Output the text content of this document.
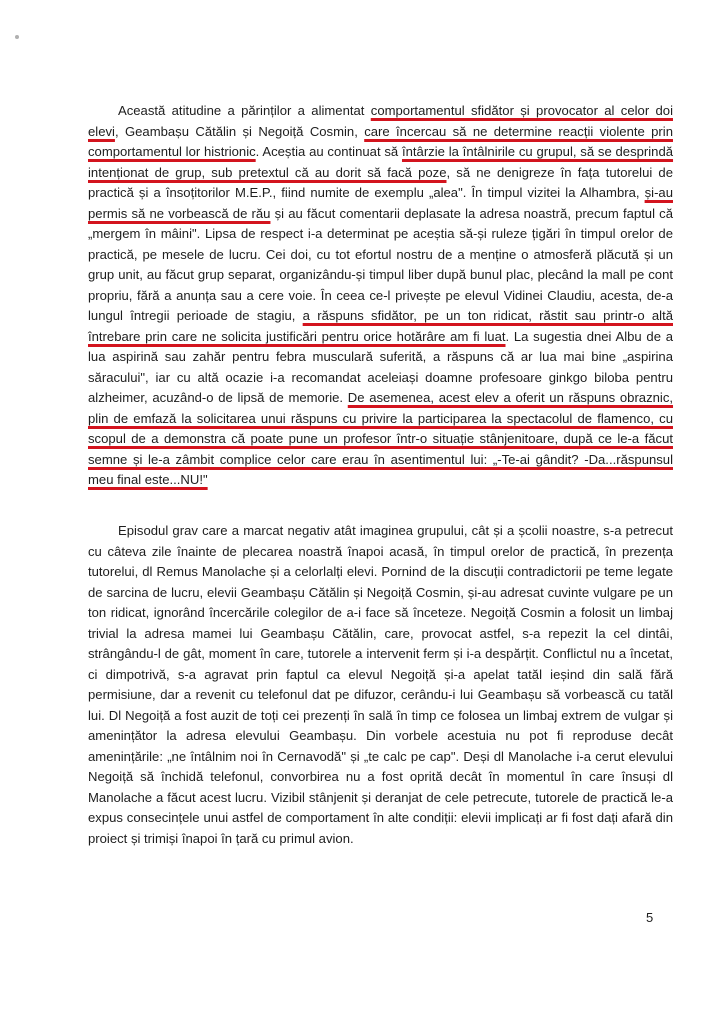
Această atitudine a părinților a alimentat comportamentul sfidător și provocator al celor doi elevi, Geambașu Cătălin și Negoiță Cosmin, care încercau să ne determine reacții violente prin comportamentul lor histrionic. Aceștia au continuat să întârzie la întâlnirile cu grupul, să se desprindă intenționat de grup, sub pretextul că au dorit să facă poze, să ne denigreze în fața tutorelui de practică și a însoțitorilor M.E.P., fiind numite de exemplu „alea". În timpul vizitei la Alhambra, și-au permis să ne vorbească de rău și au făcut comentarii deplasate la adresa noastră, precum faptul că „mergem în mâini". Lipsa de respect i-a determinat pe aceștia să-și ruleze țigări în timpul orelor de practică, pe mesele de lucru. Cei doi, cu tot efortul nostru de a menține o atmosferă plăcută și un grup unit, au făcut grup separat, organizându-și timpul liber după bunul plac, plecând la mall pe cont propriu, fără a anunța sau a cere voie. În ceea ce-l privește pe elevul Vidinei Claudiu, acesta, de-a lungul întregii perioade de stagiu, a răspuns sfidător, pe un ton ridicat, răstit sau printr-o altă întrebare prin care ne solicita justificări pentru orice hotărâre am fi luat. La sugestia dnei Albu de a lua aspirină sau zahăr pentru febra musculară suferită, a răspuns că ar lua mai bine „aspirina săracului", iar cu altă ocazie i-a recomandat aceleiași doamne profesoare ginkgo biloba pentru alzheimer, acuzând-o de lipsă de memorie. De asemenea, acest elev a oferit un răspuns obraznic, plin de emfază la solicitarea unui răspuns cu privire la participarea la spectacolul de flamenco, cu scopul de a demonstra că poate pune un profesor într-o situație stânjenitoare, după ce le-a făcut semne și le-a zâmbit complice celor care erau în asentimentul lui: „-Te-ai gândit? -Da...răspunsul meu final este...NU!"

Episodul grav care a marcat negativ atât imaginea grupului, cât și a școlii noastre, s-a petrecut cu câteva zile înainte de plecarea noastră înapoi acasă, în timpul orelor de practică, în prezența tutorelui, dl Remus Manolache și a celorlalți elevi. Pornind de la discuții contradictorii pe teme legate de sarcina de lucru, elevii Geambașu Cătălin și Negoiță Cosmin, și-au adresat cuvinte vulgare pe un ton ridicat, ignorând încercările colegilor de a-i face să înceteze. Negoiță Cosmin a folosit un limbaj trivial la adresa mamei lui Geambașu Cătălin, care, provocat astfel, s-a repezit la cel dintâi, strângându-l de gât, moment în care, tutorele a intervenit ferm și i-a despărțit. Conflictul nu a încetat, ci dimpotrivă, s-a agravat prin faptul ca elevul Negoiță și-a apelat tatăl ieșind din sală fără permisiune, dar a revenit cu telefonul dat pe difuzor, cerându-i lui Geambașu să vorbească cu tatăl lui. Dl Negoiță a fost auzit de toți cei prezenți în sală în timp ce folosea un limbaj extrem de vulgar și amenințător la adresa elevului Geambașu. Din vorbele acestuia nu pot fi reproduse decât amenințările: „ne întâlnim noi în Cernavodă" și „te calc pe cap". Deși dl Manolache i-a cerut elevului Negoiță să închidă telefonul, convorbirea nu a fost oprită decât în momentul în care însuși dl Manolache a făcut acest lucru. Vizibil stânjenit și deranjat de cele petrecute, tutorele de practică le-a expus consecințele unui astfel de comportament în alte condiții: elevii implicați ar fi fost dați afară din proiect și trimiși înapoi în țară cu primul avion.

5
